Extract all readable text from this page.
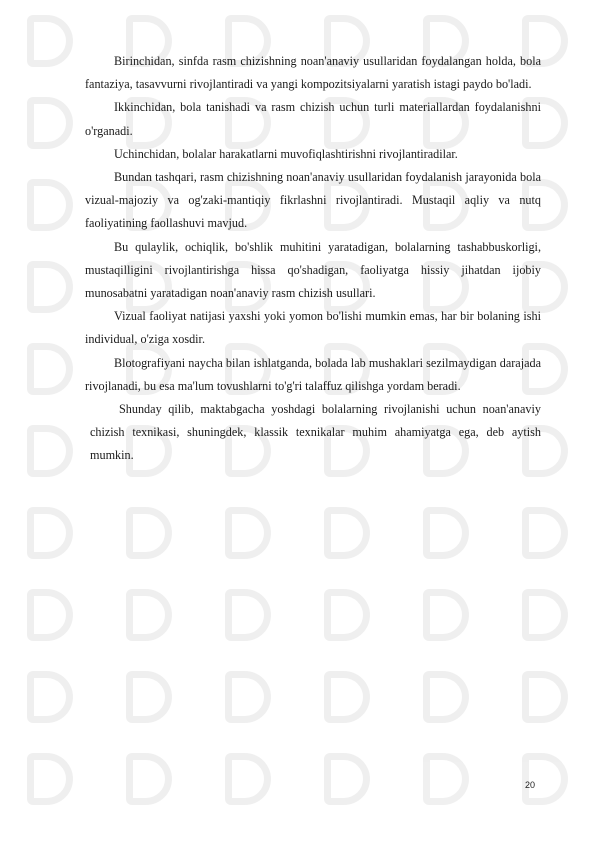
Birinchidan, sinfda rasm chizishning noan'anaviy usullaridan foydalangan holda, bola fantaziya, tasavvurni rivojlantiradi va yangi kompozitsiyalarni yaratish istagi paydo bo'ladi.

Ikkinchidan, bola tanishadi va rasm chizish uchun turli materiallardan foydalanishni o'rganadi.

Uchinchidan, bolalar harakatlarni muvofiqlashtirishni rivojlantiradilar.

Bundan tashqari, rasm chizishning noan'anaviy usullaridan foydalanish jarayonida bola vizual-majoziy va og'zaki-mantiqiy fikrlashni rivojlantiradi. Mustaqil aqliy va nutq faoliyatining faollashuvi mavjud.

Bu qulaylik, ochiqlik, bo'shlik muhitini yaratadigan, bolalarning tashabbuskorligi, mustaqilligini rivojlantirishga hissa qo'shadigan, faoliyatga hissiy jihatdan ijobiy munosabatni yaratadigan noan'anaviy rasm chizish usullari.

Vizual faoliyat natijasi yaxshi yoki yomon bo'lishi mumkin emas, har bir bolaning ishi individual, o'ziga xosdir.

Blotografiyani naycha bilan ishlatganda, bolada lab mushaklari sezilmaydigan darajada rivojlanadi, bu esa ma'lum tovushlarni to'g'ri talaffuz qilishga yordam beradi.

Shunday qilib, maktabgacha yoshdagi bolalarning rivojlanishi uchun noan'anaviy chizish texnikasi, shuningdek, klassik texnikalar muhim ahamiyatga ega, deb aytish mumkin.

20
